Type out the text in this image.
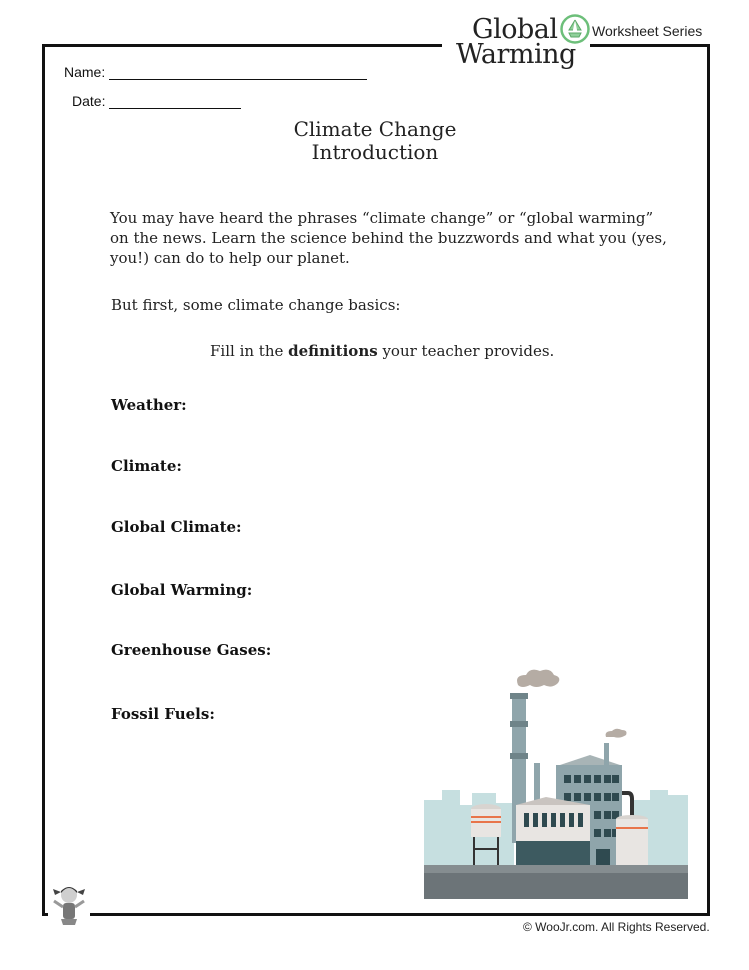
Global
Warming
Worksheet Series
Name:
Date:
Climate Change
Introduction
You may have heard the phrases “climate change” or “global warming” on the news. Learn the science behind the buzzwords and what you (yes, you!) can do to help our planet.
But first, some climate change basics:
Fill in the definitions your teacher provides.
Weather:
Climate:
Global Climate:
Global Warming:
Greenhouse Gases:
Fossil Fuels:
© WooJr.com. All Rights Reserved.
